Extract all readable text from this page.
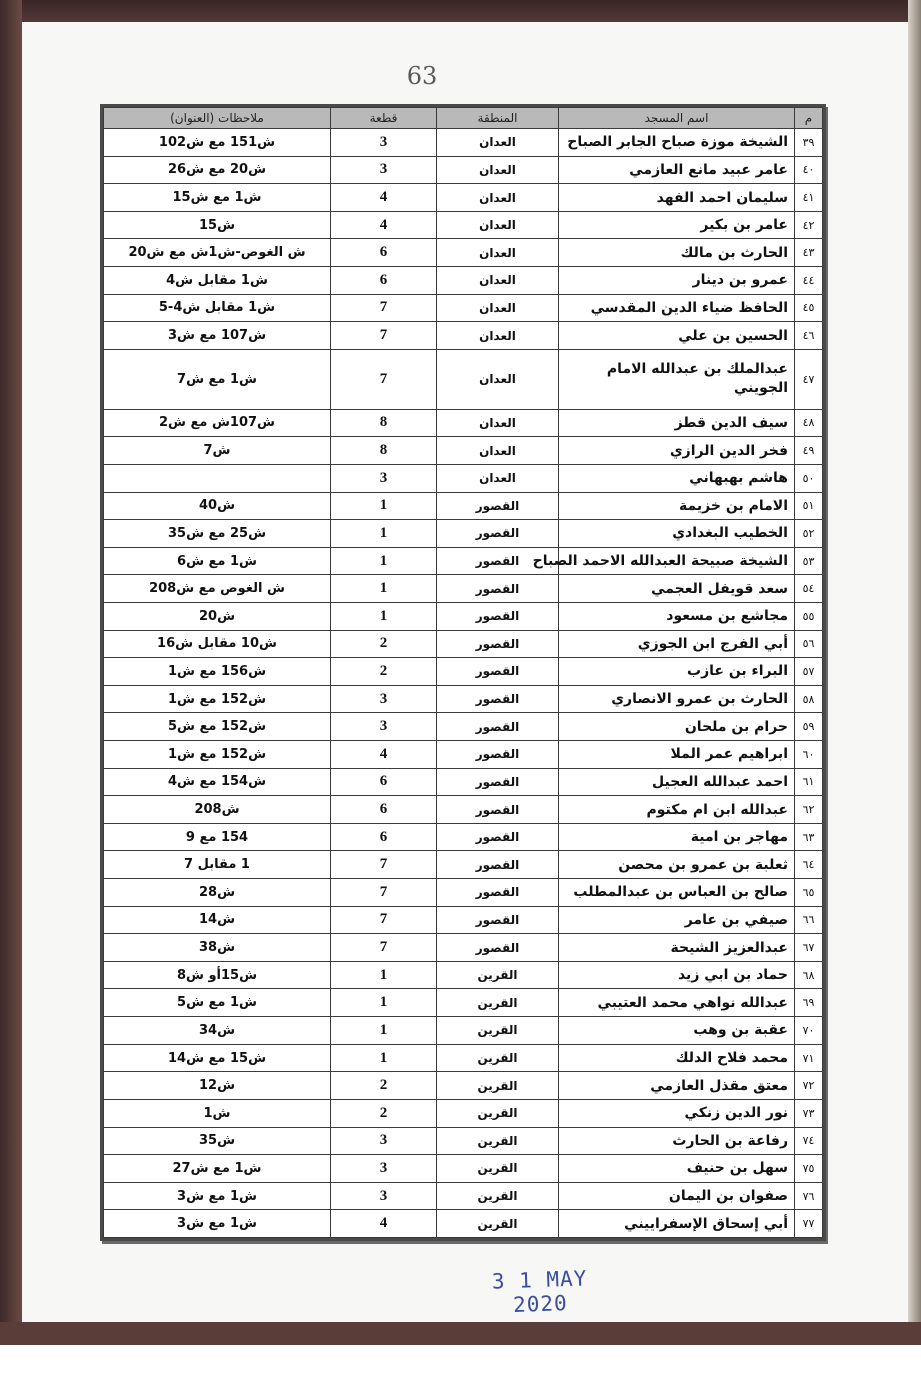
63
م	اسم المسجد	المنطقة	قطعة	ملاحظات (العنوان)
٣٩	الشيخة موزة صباح الجابر الصباح	العدان	3	ش151 مع ش102
٤٠	عامر عبيد مانع العازمي	العدان	3	ش20 مع ش26
٤١	سليمان احمد الفهد	العدان	4	ش1 مع ش15
٤٢	عامر بن بكير	العدان	4	ش15
٤٣	الحارث بن مالك	العدان	6	ش الغوص-ش1ش مع ش20
٤٤	عمرو بن دينار	العدان	6	ش1 مقابل ش4
٤٥	الحافظ ضياء الدين المقدسي	العدان	7	ش1 مقابل ش4-5
٤٦	الحسين بن علي	العدان	7	ش107 مع ش3
٤٧	عبدالملك بن عبدالله الامام الجويني	العدان	7	ش1 مع ش7
٤٨	سيف الدين قطز	العدان	8	ش107ش مع ش2
٤٩	فخر الدين الرازي	العدان	8	ش7
٥٠	هاشم بهبهاني	العدان	3	
٥١	الامام بن خزيمة	القصور	1	ش40
٥٢	الخطيب البغدادي	القصور	1	ش25 مع ش35
٥٣	الشيخة صبيحة العبدالله الاحمد الصباح	القصور	1	ش1 مع ش6
٥٤	سعد قويفل العجمي	القصور	1	ش الغوص مع ش208
٥٥	مجاشع بن مسعود	القصور	1	ش20
٥٦	أبي الفرج ابن الجوزي	القصور	2	ش10 مقابل ش16
٥٧	البراء بن عازب	القصور	2	ش156 مع ش1
٥٨	الحارث بن عمرو الانصاري	القصور	3	ش152 مع ش1
٥٩	حرام بن ملحان	القصور	3	ش152 مع ش5
٦٠	ابراهيم عمر الملا	القصور	4	ش152 مع ش1
٦١	احمد عبدالله العجيل	القصور	6	ش154 مع ش4
٦٢	عبدالله ابن ام مكتوم	القصور	6	ش208
٦٣	مهاجر بن امية	القصور	6	154 مع 9
٦٤	ثعلبة بن عمرو بن محصن	القصور	7	1 مقابل 7
٦٥	صالح بن العباس بن عبدالمطلب	القصور	7	ش28
٦٦	صيفي بن عامر	القصور	7	ش14
٦٧	عبدالعزيز الشيحة	القصور	7	ش38
٦٨	حماد بن ابي زيد	القرين	1	ش15أو ش8
٦٩	عبدالله نواهي محمد العتيبي	القرين	1	ش1 مع ش5
٧٠	عقبة بن وهب	القرين	1	ش34
٧١	محمد فلاح الدلك	القرين	1	ش15 مع ش14
٧٢	معتق مقذل العازمي	القرين	2	ش12
٧٣	نور الدين زنكي	القرين	2	ش1
٧٤	رفاعة بن الحارث	القرين	3	ش35
٧٥	سهل بن حنيف	القرين	3	ش1 مع ش27
٧٦	صفوان بن اليمان	القرين	3	ش1 مع ش3
٧٧	أبي إسحاق الإسفراييني	القرين	4	ش1 مع ش3
3 1 MAY 2020
